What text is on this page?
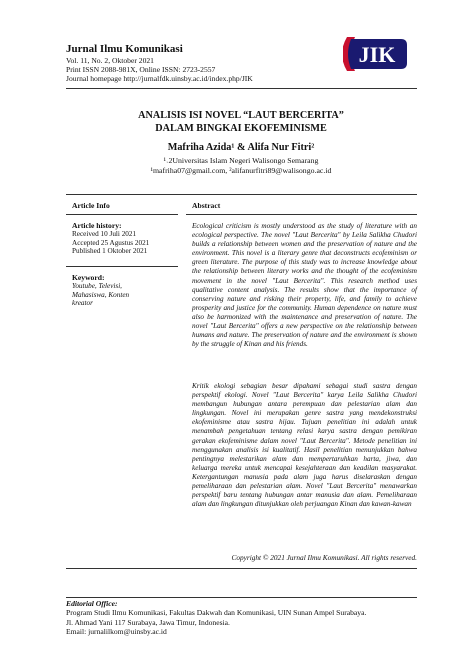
Jurnal Ilmu Komunikasi
Vol. 11, No. 2, Oktober 2021
Print ISSN 2088-981X, Online ISSN: 2723-2557
Journal homepage http://jurnalfdk.uinsby.ac.id/index.php/JIK
JIK
ANALISIS ISI NOVEL “LAUT BERCERITA”
DALAM BINGKAI EKOFEMINISME
Mafriha Azida¹ & Alifa Nur Fitri²
¹˒2Universitas Islam Negeri Walisongo Semarang
¹mafriha07@gmail.com, ²alifanurfitri89@walisongo.ac.id
Article Info	Abstract
Article history:
Received 10 Juli 2021
Accepted 25 Agustus 2021
Published 1 Oktober 2021
Keyword:
Youtube, Televisi,
Mahasiswa, Konten
kreator
Ecological criticism is mostly understood as the study of literature with an ecological perspective. The novel "Laut Bercerita" by Leila Salikha Chudori builds a relationship between women and the preservation of nature and the environment. This novel is a literary genre that deconstructs ecofeminism or green literature. The purpose of this study was to increase knowledge about the relationship between literary works and the thought of the ecofeminism movement in the novel "Laut Bercerita". This research method uses qualitative content analysis. The results show that the importance of conserving nature and risking their property, life, and family to achieve prosperity and justice for the community. Human dependence on nature must also be harmonized with the maintenance and preservation of nature. The novel "Laut Bercerita" offers a new perspective on the relationship between humans and nature. The preservation of nature and the environment is shown by the struggle of Kinan and his friends.
Kritik ekologi sebagian besar dipahami sebagai studi sastra dengan perspektif ekologi. Novel "Laut Bercerita" karya Leila Salikha Chudori membangun hubungan antara perempuan dan pelestarian alam dan lingkungan. Novel ini merupakan genre sastra yang mendekonstruksi ekofeminisme atau sastra hijau. Tujuan penelitian ini adalah untuk menambah pengetahuan tentang relasi karya sastra dengan pemikiran gerakan ekofeminisme dalam novel "Laut Bercerita". Metode penelitian ini menggunakan analisis isi kualitatif. Hasil penelitian menunjukkan bahwa pentingnya melestarikan alam dan mempertaruhkan harta, jiwa, dan keluarga mereka untuk mencapai kesejahteraan dan keadilan masyarakat. Ketergantungan manusia pada alam juga harus diselaraskan dengan pemeliharaan dan pelestarian alam. Novel "Laut Bercerita" menawarkan perspektif baru tentang hubungan antar manusia dan alam. Pemeliharaan alam dan lingkungan ditunjukkan oleh perjuangan Kinan dan kawan-kawan
Copyright © 2021 Jurnal Ilmu Komunikasi. All rights reserved.
Editorial Office:
Program Studi Ilmu Komunikasi, Fakultas Dakwah dan Komunikasi, UIN Sunan Ampel Surabaya.
Jl. Ahmad Yani 117 Surabaya, Jawa Timur, Indonesia.
Email: jurnalilkom@uinsby.ac.id
